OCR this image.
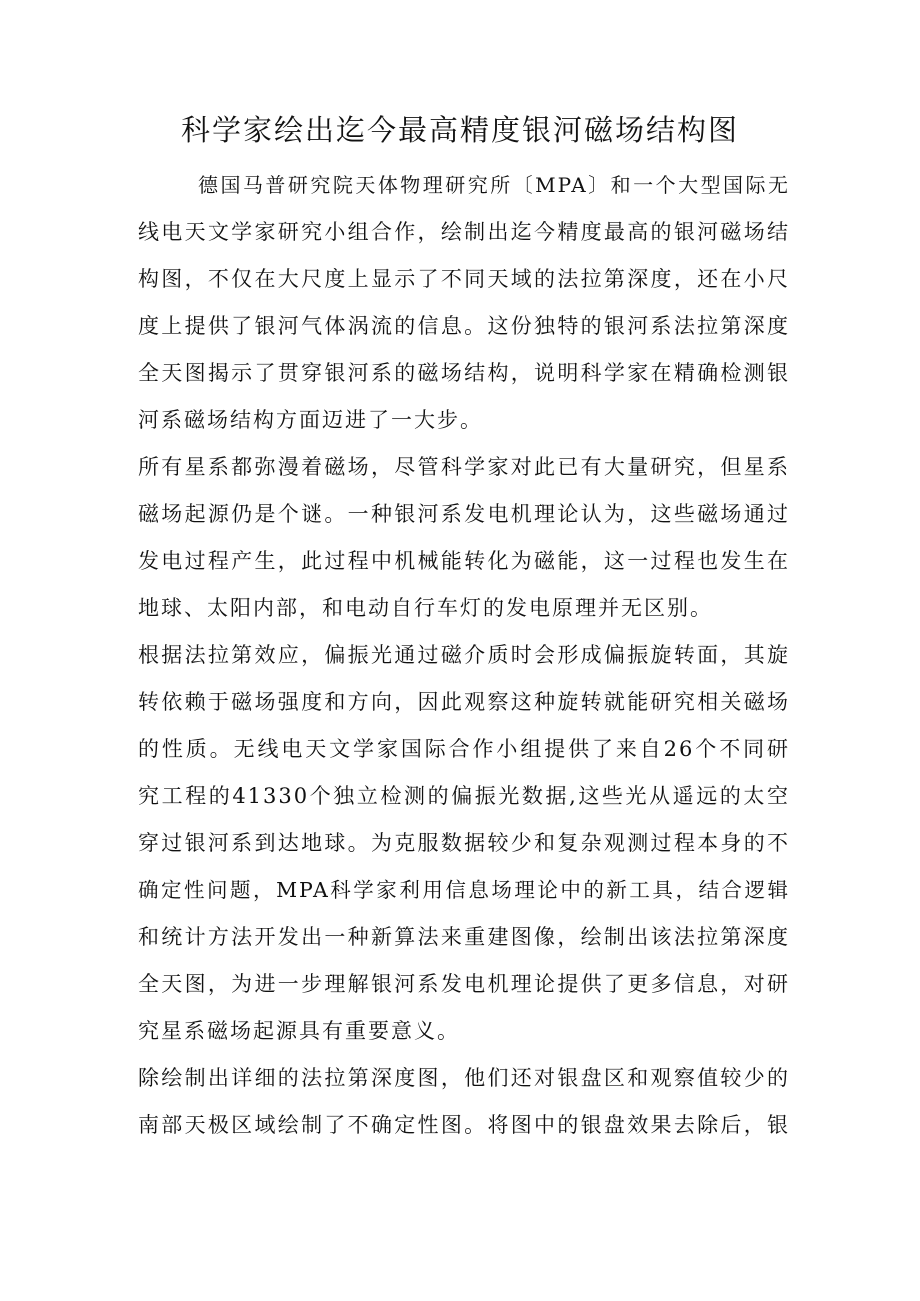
科学家绘出迄今最高精度银河磁场结构图
德国马普研究院天体物理研究所〔MPA〕和一个大型国际无
线电天文学家研究小组合作，绘制出迄今精度最高的银河磁场结
构图，不仅在大尺度上显示了不同天域的法拉第深度，还在小尺
度上提供了银河气体涡流的信息。这份独特的银河系法拉第深度
全天图揭示了贯穿银河系的磁场结构，说明科学家在精确检测银
河系磁场结构方面迈进了一大步。
所有星系都弥漫着磁场，尽管科学家对此已有大量研究，但星系
磁场起源仍是个谜。一种银河系发电机理论认为，这些磁场通过
发电过程产生，此过程中机械能转化为磁能，这一过程也发生在
地球、太阳内部，和电动自行车灯的发电原理并无区别。
根据法拉第效应，偏振光通过磁介质时会形成偏振旋转面，其旋
转依赖于磁场强度和方向，因此观察这种旋转就能研究相关磁场
的性质。无线电天文学家国际合作小组提供了来自26个不同研
究工程的41330个独立检测的偏振光数据,这些光从遥远的太空
穿过银河系到达地球。为克服数据较少和复杂观测过程本身的不
确定性问题，MPA科学家利用信息场理论中的新工具，结合逻辑
和统计方法开发出一种新算法来重建图像，绘制出该法拉第深度
全天图，为进一步理解银河系发电机理论提供了更多信息，对研
究星系磁场起源具有重要意义。
除绘制出详细的法拉第深度图，他们还对银盘区和观察值较少的
南部天极区域绘制了不确定性图。将图中的银盘效果去除后，银
